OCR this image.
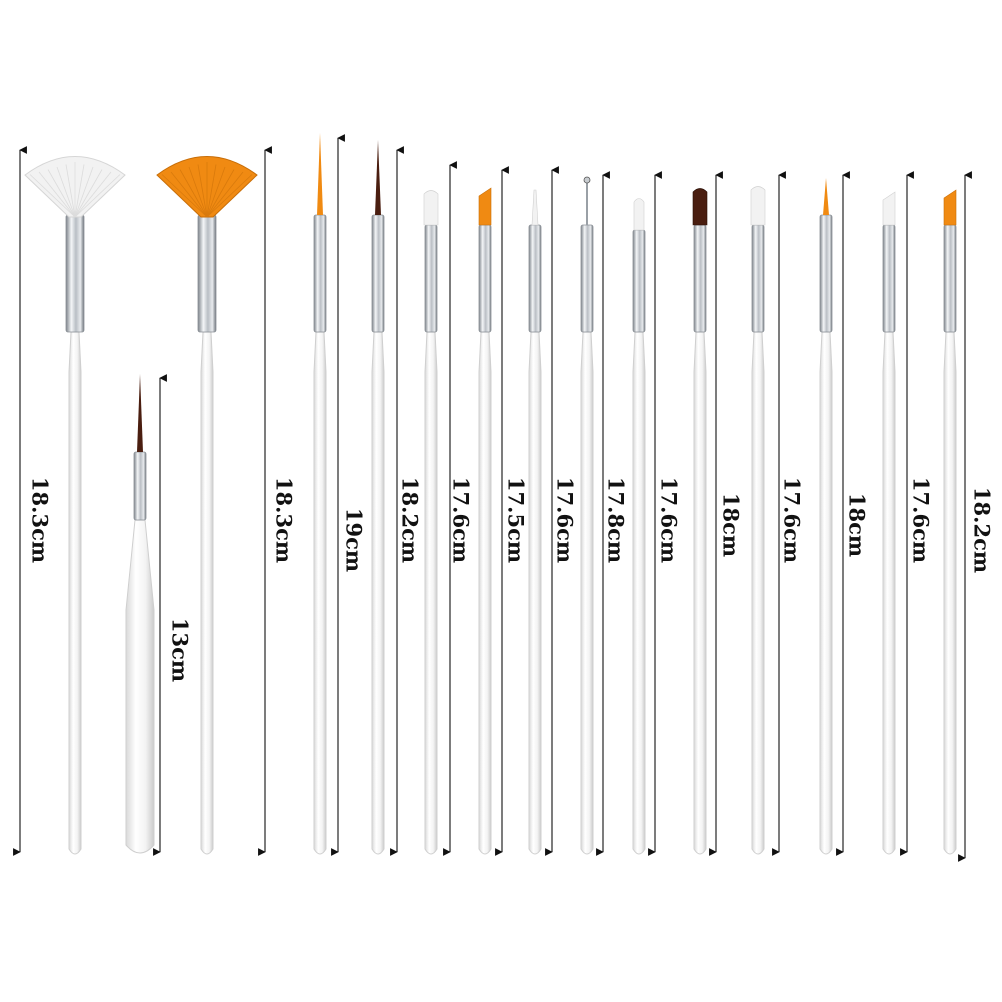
18.3cm
13cm
18.3cm 19cm 18.2cm 17.6cm 17.5cm 17.6cm 17.8cm 17.6cm 18cm 17.6cm 18cm 17.6cm 18.2cm
